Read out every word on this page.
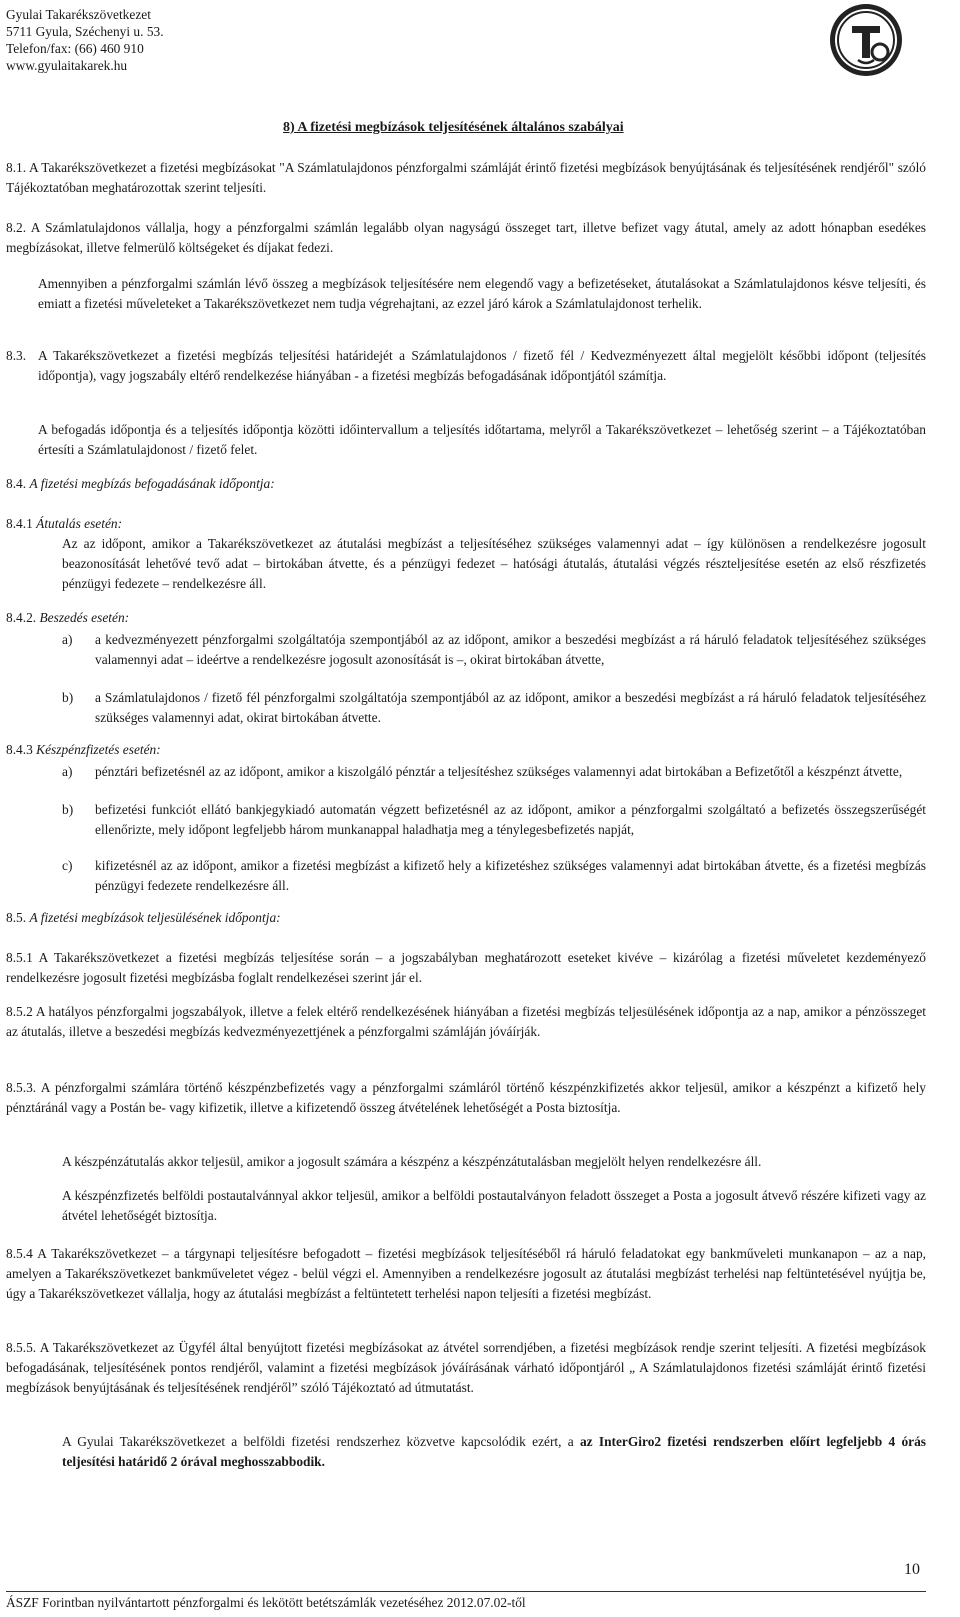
Gyulai Takarékszövetkezet
5711 Gyula, Széchenyi u. 53.
Telefon/fax: (66) 460 910
www.gyulaitakarek.hu
8) A fizetési megbízások teljesítésének általános szabályai
8.1. A Takarékszövetkezet a fizetési megbízásokat "A Számlatulajdonos pénzforgalmi számláját érintő fizetési megbízások benyújtásának és teljesítésének rendjéről" szóló Tájékoztatóban meghatározottak szerint teljesíti.
8.2. A Számlatulajdonos vállalja, hogy a pénzforgalmi számlán legalább olyan nagyságú összeget tart, illetve befizet vagy átutal, amely az adott hónapban esedékes megbízásokat, illetve felmerülő költségeket és díjakat fedezi.
Amennyiben a pénzforgalmi számlán lévő összeg a megbízások teljesítésére nem elegendő vagy a befizetéseket, átutalásokat a Számlatulajdonos késve teljesíti, és emiatt a fizetési műveleteket a Takarékszövetkezet nem tudja végrehajtani, az ezzel járó károk a Számlatulajdonost terhelik.
8.3. A Takarékszövetkezet a fizetési megbízás teljesítési határidejét a Számlatulajdonos / fizető fél / Kedvezményezett által megjelölt későbbi időpont (teljesítés időpontja), vagy jogszabály eltérő rendelkezése hiányában - a fizetési megbízás befogadásának időpontjától számítja.
A befogadás időpontja és a teljesítés időpontja közötti időintervallum a teljesítés időtartama, melyről a Takarékszövetkezet – lehetőség szerint – a Tájékoztatóban értesíti a Számlatulajdonost / fizető felet.
8.4. A fizetési megbízás befogadásának időpontja:
8.4.1 Átutalás esetén:
Az az időpont, amikor a Takarékszövetkezet az átutalási megbízást a teljesítéséhez szükséges valamennyi adat – így különösen a rendelkezésre jogosult beazonosítását lehetővé tevő adat – birtokában átvette, és a pénzügyi fedezet – hatósági átutalás, átutalási végzés részteljesítése esetén az első részfizetés pénzügyi fedezete – rendelkezésre áll.
8.4.2. Beszedés esetén:
a) a kedvezményezett pénzforgalmi szolgáltatója szempontjából az az időpont, amikor a beszedési megbízást a rá háruló feladatok teljesítéséhez szükséges valamennyi adat – ideértve a rendelkezésre jogosult azonosítását is –, okirat birtokában átvette,
b) a Számlatulajdonos / fizető fél pénzforgalmi szolgáltatója szempontjából az az időpont, amikor a beszedési megbízást a rá háruló feladatok teljesítéséhez szükséges valamennyi adat, okirat birtokában átvette.
8.4.3 Készpénzfizetés esetén:
a) pénztári befizetésnél az az időpont, amikor a kiszolgáló pénztár a teljesítéshez szükséges valamennyi adat birtokában a Befizetőtől a készpénzt átvette,
b) befizetési funkciót ellátó bankjegykiadó automatán végzett befizetésnél az az időpont, amikor a pénzforgalmi szolgáltató a befizetés összegszerűségét ellenőrizte, mely időpont legfeljebb három munkanappal haladhatja meg a ténylegesbefizetés napját,
c) kifizetésnél az az időpont, amikor a fizetési megbízást a kifizető hely a kifizetéshez szükséges valamennyi adat birtokában átvette, és a fizetési megbízás pénzügyi fedezete rendelkezésre áll.
8.5. A fizetési megbízások teljesülésének időpontja:
8.5.1 A Takarékszövetkezet a fizetési megbízás teljesítése során – a jogszabályban meghatározott eseteket kivéve – kizárólag a fizetési műveletet kezdeményező rendelkezésre jogosult fizetési megbízásba foglalt rendelkezései szerint jár el.
8.5.2 A hatályos pénzforgalmi jogszabályok, illetve a felek eltérő rendelkezésének hiányában a fizetési megbízás teljesülésének időpontja az a nap, amikor a pénzösszeget az átutalás, illetve a beszedési megbízás kedvezményezettjének a pénzforgalmi számláján jóváírják.
8.5.3. A pénzforgalmi számlára történő készpénzbefizetés vagy a pénzforgalmi számláról történő készpénzkifizetés akkor teljesül, amikor a készpénzt a kifizető hely pénztáránál vagy a Postán be- vagy kifizetik, illetve a kifizetendő összeg átvételének lehetőségét a Posta biztosítja.
A készpénzátutalás akkor teljesül, amikor a jogosult számára a készpénz a készpénzátutalásban megjelölt helyen rendelkezésre áll.
A készpénzfizetés belföldi postautalvánnyal akkor teljesül, amikor a belföldi postautalványon feladott összeget a Posta a jogosult átvevő részére kifizeti vagy az átvétel lehetőségét biztosítja.
8.5.4 A Takarékszövetkezet – a tárgynapi teljesítésre befogadott – fizetési megbízások teljesítéséből rá háruló feladatokat egy bankműveleti munkanapon – az a nap, amelyen a Takarékszövetkezet bankműveletet végez - belül végzi el. Amennyiben a rendelkezésre jogosult az átutalási megbízást terhelési nap feltüntetésével nyújtja be, úgy a Takarékszövetkezet vállalja, hogy az átutalási megbízást a feltüntetett terhelési napon teljesíti a fizetési megbízást.
8.5.5. A Takarékszövetkezet az Ügyfél által benyújtott fizetési megbízásokat az átvétel sorrendjében, a fizetési megbízások rendje szerint teljesíti. A fizetési megbízások befogadásának, teljesítésének pontos rendjéről, valamint a fizetési megbízások jóváírásának várható időpontjáról „ A Számlatulajdonos fizetési számláját érintő fizetési megbízások benyújtásának és teljesítésének rendjéről” szóló Tájékoztató ad útmutatást.
A Gyulai Takarékszövetkezet a belföldi fizetési rendszerhez közvetve kapcsolódik ezért, a az InterGiro2 fizetési rendszerben előírt legfeljebb 4 órás teljesítési határidő 2 órával meghosszabbodik.
10
ÁSZF Forintban nyilvántartott pénzforgalmi és lekötött betétszámlák vezetéséhez 2012.07.02-től
